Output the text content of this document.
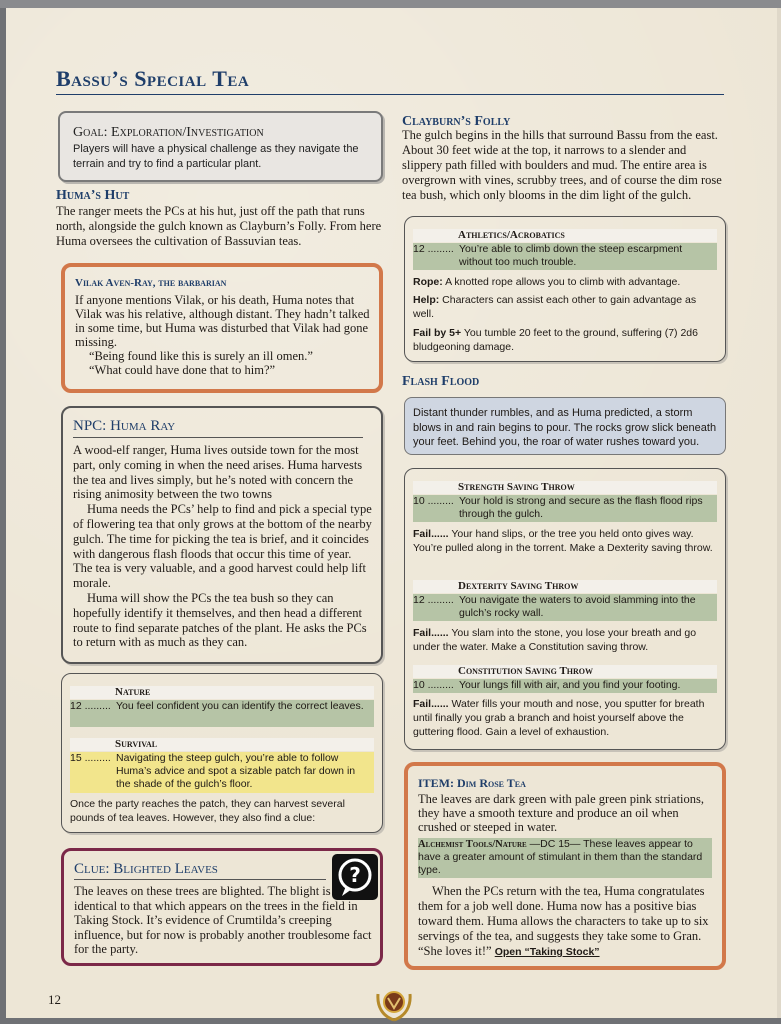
Bassu’s Special Tea
Goal: Exploration/Investigation
Players will have a physical challenge as they navigate the terrain and try to find a particular plant.
Huma’s Hut
The ranger meets the PCs at his hut, just off the path that runs north, alongside the gulch known as Clayburn’s Folly. From here Huma oversees the cultivation of Bassuvian teas.
Vilak Aven-Ray, the barbarian
If anyone mentions Vilak, or his death, Huma notes that Vilak was his relative, although distant. They hadn’t talked in some time, but Huma was disturbed that Vilak had gone missing.
“Being found like this is surely an ill omen.”
“What could have done that to him?”
NPC: Huma Ray
A wood-elf ranger, Huma lives outside town for the most part, only coming in when the need arises. Huma harvests the tea and lives simply, but he’s noted with concern the rising animosity between the two towns
Huma needs the PCs’ help to find and pick a special type of flowering tea that only grows at the bottom of the nearby gulch. The time for picking the tea is brief, and it coincides with dangerous flash floods that occur this time of year. The tea is very valuable, and a good harvest could help lift morale.
Huma will show the PCs the tea bush so they can hopefully identify it themselves, and then head a different route to find separate patches of the plant. He asks the PCs to return with as much as they can.
Nature
12 ......... You feel confident you can identify the correct leaves.
Survival
15 ......... Navigating the steep gulch, you’re able to follow Huma’s advice and spot a sizable patch far down in the shade of the gulch’s floor.
Once the party reaches the patch, they can harvest several pounds of tea leaves. However, they also find a clue:
Clue: Blighted Leaves	?
The leaves on these trees are blighted. The blight is identical to that which appears on the trees in the field in Taking Stock. It’s evidence of Crumtilda’s creeping influence, but for now is probably another troublesome fact for the party.
Clayburn’s Folly
The gulch begins in the hills that surround Bassu from the east. About 30 feet wide at the top, it narrows to a slender and slippery path filled with boulders and mud. The entire area is overgrown with vines, scrubby trees, and of course the dim rose tea bush, which only blooms in the dim light of the gulch.
Athletics/Acrobatics
12 ......... You’re able to climb down the steep escarpment without too much trouble.
Rope: A knotted rope allows you to climb with advantage.
Help: Characters can assist each other to gain advantage as well.
Fail by 5+ You tumble 20 feet to the ground, suffering (7) 2d6 bludgeoning damage.
Flash Flood
Distant thunder rumbles, and as Huma predicted, a storm blows in and rain begins to pour. The rocks grow slick beneath your feet. Behind you, the roar of water rushes toward you.
Strength Saving Throw
10 ......... Your hold is strong and secure as the flash flood rips through the gulch.
Fail...... Your hand slips, or the tree you held onto gives way. You’re pulled along in the torrent. Make a Dexterity saving throw.
Dexterity Saving Throw
12 ......... You navigate the waters to avoid slamming into the gulch’s rocky wall.
Fail...... You slam into the stone, you lose your breath and go under the water. Make a Constitution saving throw.
Constitution Saving Throw
10 ......... Your lungs fill with air, and you find your footing.
Fail...... Water fills your mouth and nose, you sputter for breath until finally you grab a branch and hoist yourself above the guttering flood. Gain a level of exhaustion.
ITEM: Dim Rose Tea
The leaves are dark green with pale green pink striations, they have a smooth texture and produce an oil when crushed or steeped in water.
Alchemist Tools/Nature —DC 15— These leaves appear to have a greater amount of stimulant in them than the standard type.
When the PCs return with the tea, Huma congratulates them for a job well done. Huma now has a positive bias toward them. Huma allows the characters to take up to six servings of the tea, and suggests they take some to Gran. “She loves it!” Open “Taking Stock”
12
